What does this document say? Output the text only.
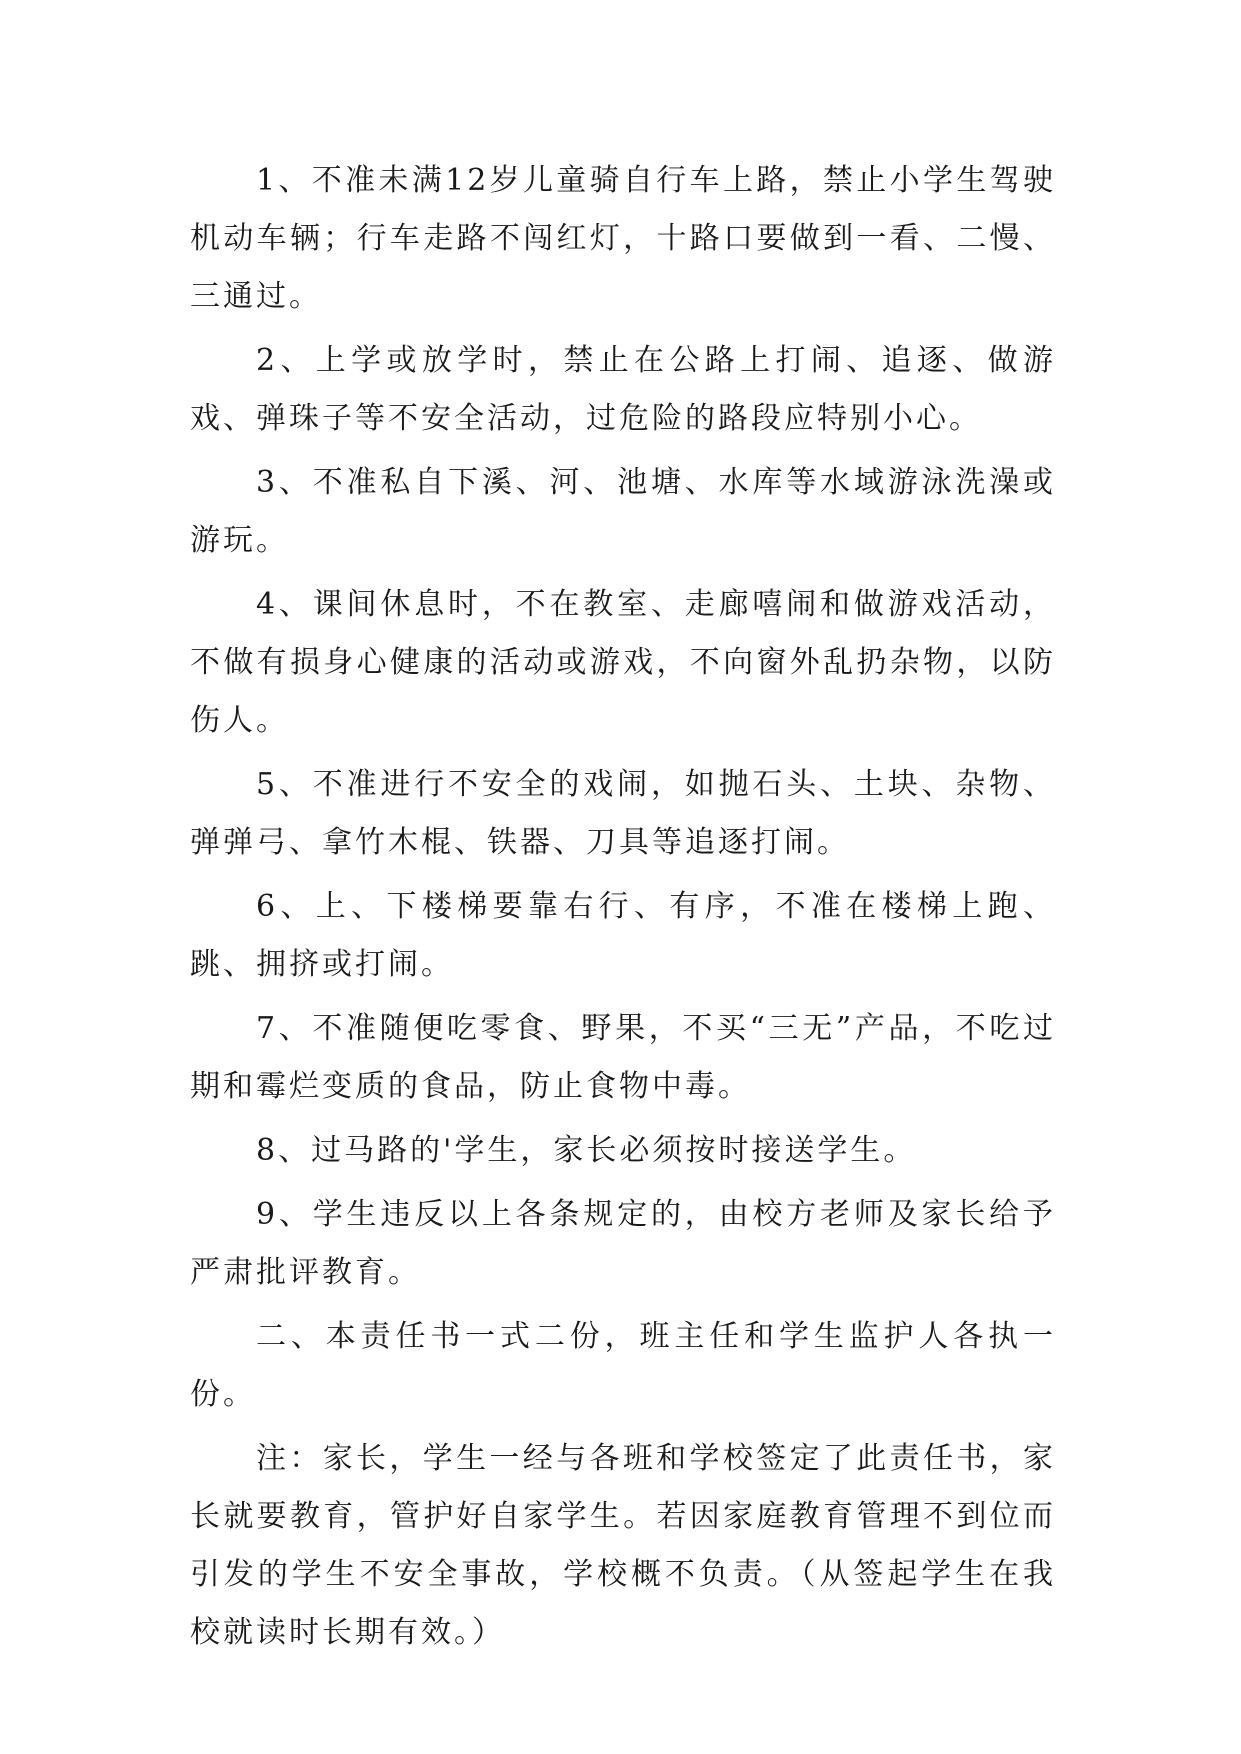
1、不准未满12岁儿童骑自行车上路，禁止小学生驾驶机动车辆；行车走路不闯红灯，十路口要做到一看、二慢、三通过。

2、上学或放学时，禁止在公路上打闹、追逐、做游戏、弹珠子等不安全活动，过危险的路段应特别小心。

3、不准私自下溪、河、池塘、水库等水域游泳洗澡或游玩。

4、课间休息时，不在教室、走廊嘻闹和做游戏活动，不做有损身心健康的活动或游戏，不向窗外乱扔杂物，以防伤人。

5、不准进行不安全的戏闹，如抛石头、土块、杂物、弹弹弓、拿竹木棍、铁器、刀具等追逐打闹。

6、上、下楼梯要靠右行、有序，不准在楼梯上跑、跳、拥挤或打闹。

7、不准随便吃零食、野果，不买“三无”产品，不吃过期和霉烂变质的食品，防止食物中毒。

8、过马路的'学生，家长必须按时接送学生。

9、学生违反以上各条规定的，由校方老师及家长给予严肃批评教育。

二、本责任书一式二份，班主任和学生监护人各执一份。

注：家长，学生一经与各班和学校签定了此责任书，家长就要教育，管护好自家学生。若因家庭教育管理不到位而引发的学生不安全事故，学校概不负责。（从签起学生在我校就读时长期有效。）
